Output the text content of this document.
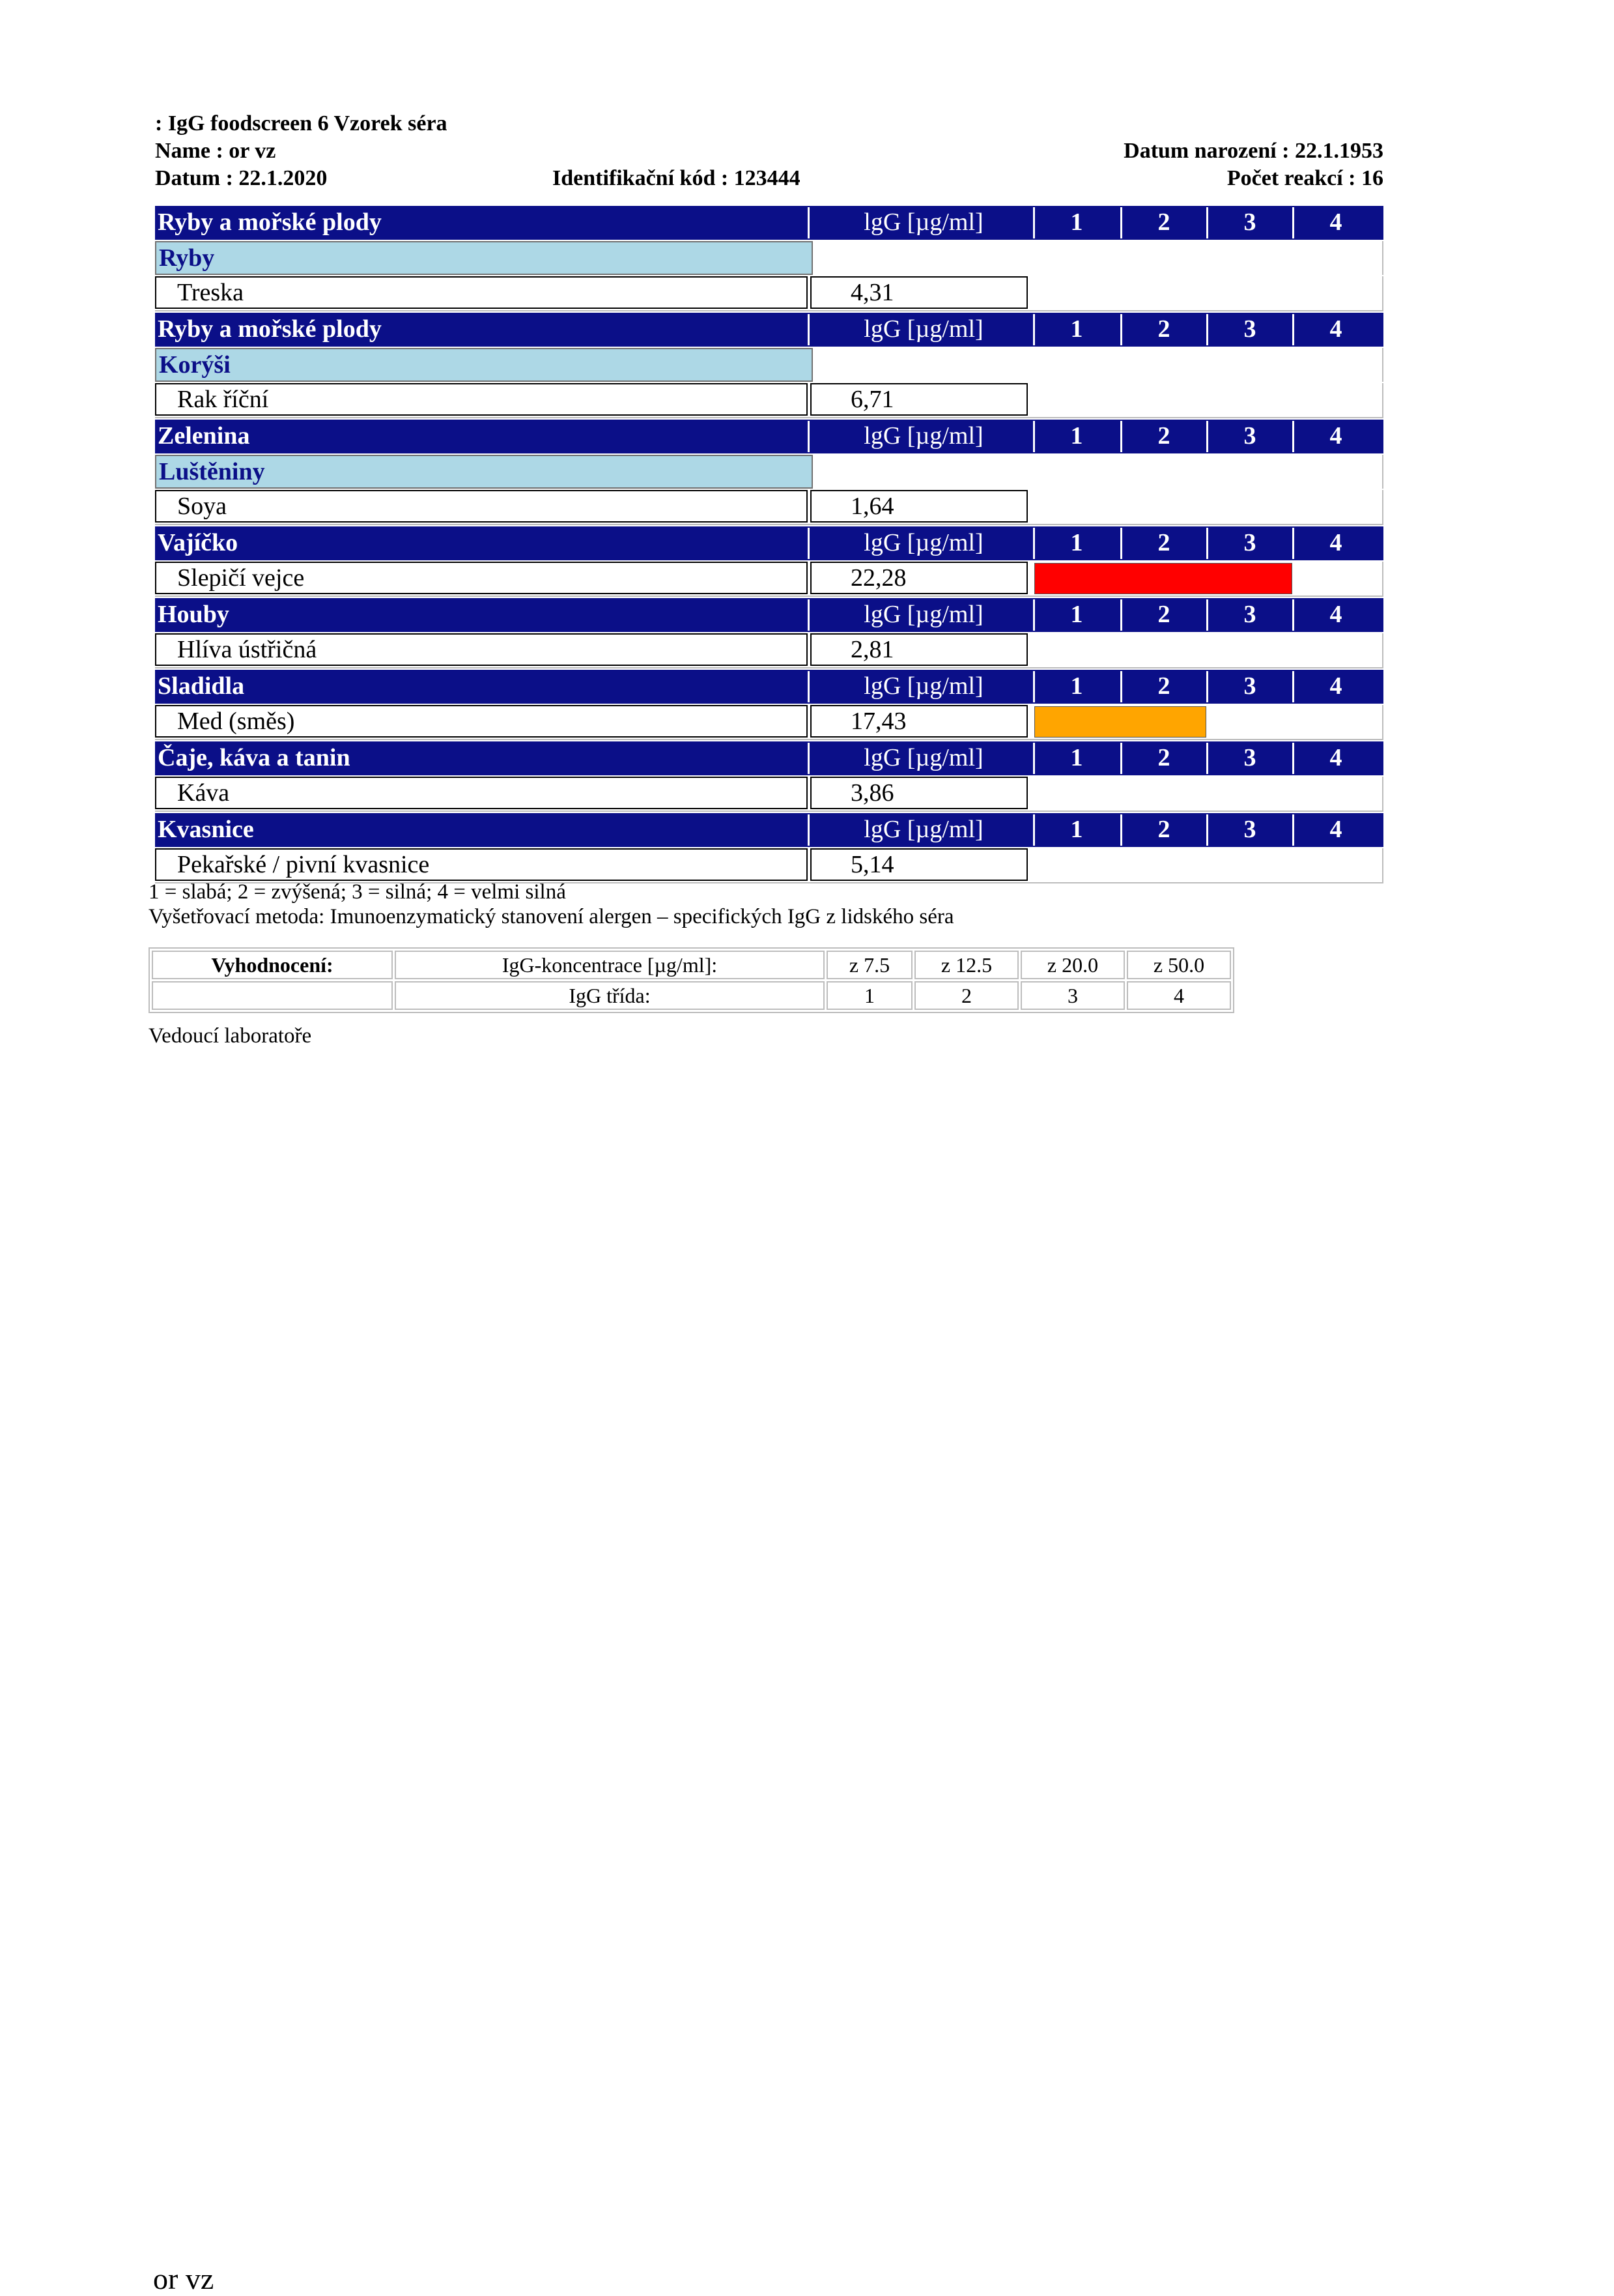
: IgG foodscreen 6 Vzorek séra
Name : or vz
Datum : 22.1.2020	Identifikační kód : 123444
Datum narození : 22.1.1953
Počet reakcí : 16
Ryby a mořské plody	lgG [µg/ml]	1	2	3	4
Ryby
Treska	4,31
Ryby a mořské plody	lgG [µg/ml]	1	2	3	4
Korýši
Rak říční	6,71
Zelenina	lgG [µg/ml]	1	2	3	4
Luštěniny
Soya	1,64
Vajíčko	lgG [µg/ml]	1	2	3	4
Slepičí vejce	22,28
Houby	lgG [µg/ml]	1	2	3	4
Hlíva ústřičná	2,81
Sladidla	lgG [µg/ml]	1	2	3	4
Med (směs)	17,43
Čaje, káva a tanin	lgG [µg/ml]	1	2	3	4
Káva	3,86
Kvasnice	lgG [µg/ml]	1	2	3	4
Pekařské / pivní kvasnice	5,14
1 = slabá; 2 = zvýšená; 3 = silná; 4 = velmi silná
Vyšetřovací metoda: Imunoenzymatický stanovení alergen – specifických IgG z lidského séra
Vyhodnocení:	IgG-koncentrace [µg/ml]:	z 7.5	z 12.5	z 20.0	z 50.0
	IgG třída:	1	2	3	4
Vedoucí laboratoře
or vz
